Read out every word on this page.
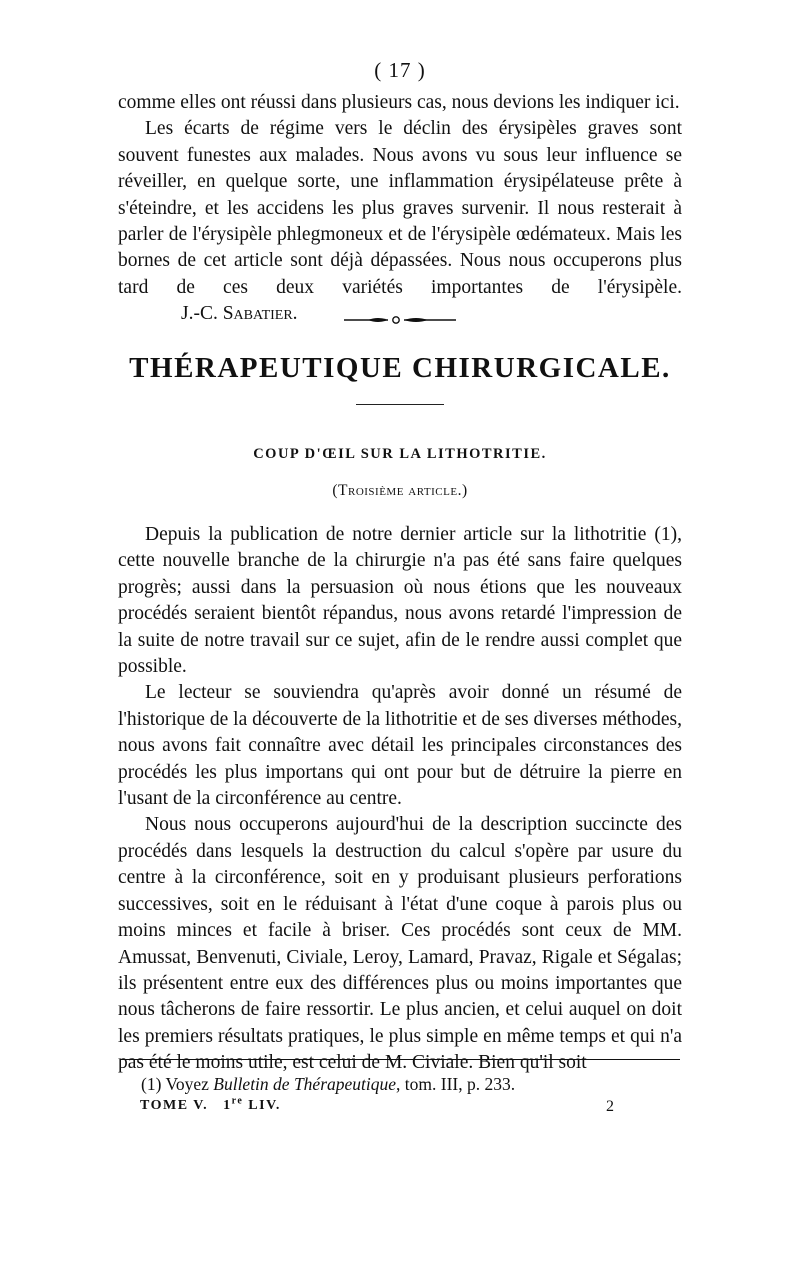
( 17 )

comme elles ont réussi dans plusieurs cas, nous devions les indiquer ici.

Les écarts de régime vers le déclin des érysipèles graves sont souvent funestes aux malades. Nous avons vu sous leur influence se réveiller, en quelque sorte, une inflammation érysipélateuse prête à s'éteindre, et les accidens les plus graves survenir. Il nous resterait à parler de l'érysipèle phlegmoneux et de l'érysipèle œdémateux. Mais les bornes de cet article sont déjà dépassées. Nous nous occuperons plus tard de ces deux variétés importantes de l'érysipèle.J.-C. Sabatier.

THÉRAPEUTIQUE CHIRURGICALE.
COUP D'ŒIL SUR LA LITHOTRITIE.
(Troisième article.)

Depuis la publication de notre dernier article sur la lithotritie (1), cette nouvelle branche de la chirurgie n'a pas été sans faire quelques progrès; aussi dans la persuasion où nous étions que les nouveaux procédés seraient bientôt répandus, nous avons retardé l'impression de la suite de notre travail sur ce sujet, afin de le rendre aussi complet que possible.

Le lecteur se souviendra qu'après avoir donné un résumé de l'historique de la découverte de la lithotritie et de ses diverses méthodes, nous avons fait connaître avec détail les principales circonstances des procédés les plus importans qui ont pour but de détruire la pierre en l'usant de la circonférence au centre.

Nous nous occuperons aujourd'hui de la description succincte des procédés dans lesquels la destruction du calcul s'opère par usure du centre à la circonférence, soit en y produisant plusieurs perforations successives, soit en le réduisant à l'état d'une coque à parois plus ou moins minces et facile à briser. Ces procédés sont ceux de MM. Amussat, Benvenuti, Civiale, Leroy, Lamard, Pravaz, Rigale et Ségalas; ils présentent entre eux des différences plus ou moins importantes que nous tâcherons de faire ressortir. Le plus ancien, et celui auquel on doit les premiers résultats pratiques, le plus simple en même temps et qui n'a pas été le moins utile, est celui de M. Civiale. Bien qu'il soit

(1) Voyez Bulletin de Thérapeutique, tom. III, p. 233.
TOME V. 1re LIV.	2
